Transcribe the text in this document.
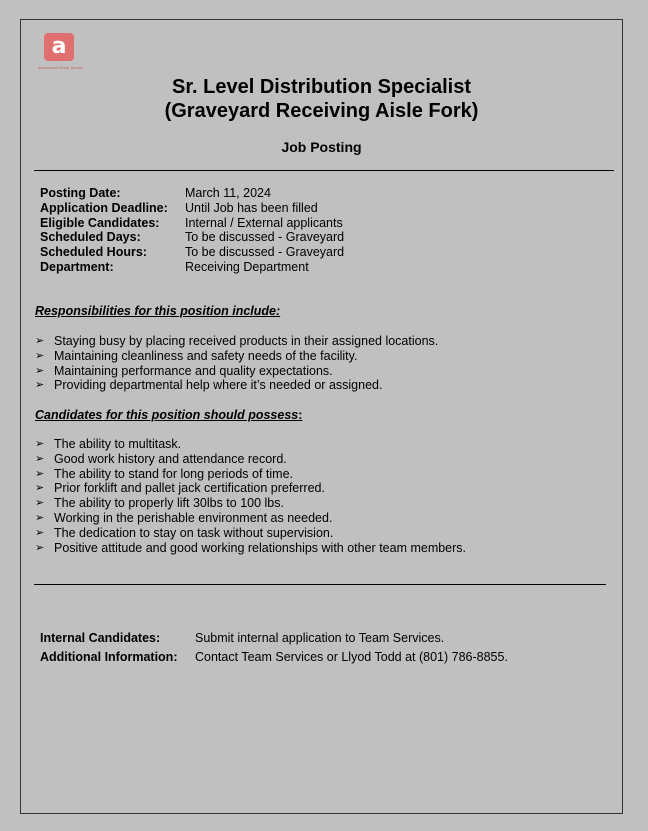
a
Associated Food Stores
Sr. Level Distribution Specialist
(Graveyard Receiving Aisle Fork)
Job Posting
Posting Date:	March 11, 2024
Application Deadline:	Until Job has been filled
Eligible Candidates:	Internal / External applicants
Scheduled Days:	To be discussed - Graveyard
Scheduled Hours:	To be discussed - Graveyard
Department:	Receiving Department
Responsibilities for this position include:
➢ Staying busy by placing received products in their assigned locations.
➢ Maintaining cleanliness and safety needs of the facility.
➢ Maintaining performance and quality expectations.
➢ Providing departmental help where it’s needed or assigned.
Candidates for this position should possess:
➢ The ability to multitask.
➢ Good work history and attendance record.
➢ The ability to stand for long periods of time.
➢ Prior forklift and pallet jack certification preferred.
➢ The ability to properly lift 30lbs to 100 lbs.
➢ Working in the perishable environment as needed.
➢ The dedication to stay on task without supervision.
➢ Positive attitude and good working relationships with other team members.
Internal Candidates:	Submit internal application to Team Services.
Additional Information:	Contact Team Services or Llyod Todd at (801) 786-8855.
